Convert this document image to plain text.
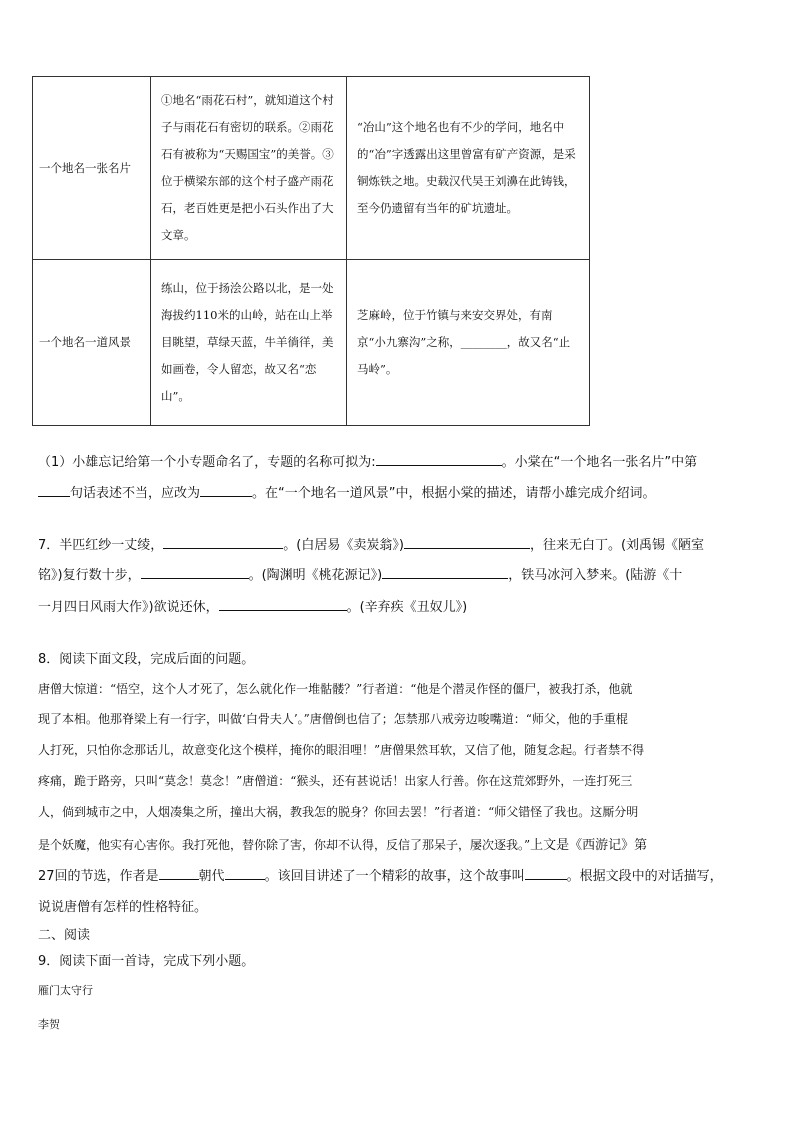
一个地名一张名片	①地名“雨花石村”，就知道这个村子与雨花石有密切的联系。②雨花石有被称为“天赐国宝”的美誉。③位于横梁东部的这个村子盛产雨花石，老百姓更是把小石头作出了大文章。	“冶山”这个地名也有不少的学问，地名中的“冶”字透露出这里曾富有矿产资源，是采铜炼铁之地。史载汉代吴王刘濞在此铸钱，至今仍遗留有当年的矿坑遗址。
一个地名一道风景	练山，位于扬浍公路以北，是一处海拔约110米的山岭，站在山上举目眺望，草绿天蓝，牛羊徜徉，美如画卷，令人留恋，故又名“恋山”。	芝麻岭，位于竹镇与来安交界处，有南京“小九寨沟”之称，________，故又名“止马岭”。
（1）小雄忘记给第一个小专题命名了，专题的名称可拟为:	。小棠在“一个地名一张名片”中第
句话表述不当，应改为	。在“一个地名一道风景”中，根据小棠的描述，请帮小雄完成介绍词。
7．半匹红纱一丈绫，	。(白居易《卖炭翁》)	，往来无白丁。(刘禹锡《陋室
铭》)复行数十步，	。(陶渊明《桃花源记》)	，铁马冰河入梦来。(陆游《十
一月四日风雨大作》)欲说还休，	。(辛弃疾《丑奴儿》)
8．阅读下面文段，完成后面的问题。
唐僧大惊道：“悟空，这个人才死了，怎么就化作一堆骷髅？”行者道：“他是个潜灵作怪的僵尸，被我打杀，他就
现了本相。他那脊梁上有一行字，叫做‘白骨夫人’。”唐僧倒也信了；怎禁那八戒旁边唆嘴道：“师父，他的手重棍
人打死，只怕你念那话儿，故意变化这个模样，掩你的眼泪哩！”唐僧果然耳软，又信了他，随复念起。行者禁不得
疼痛，跪于路旁，只叫“莫念！莫念！”唐僧道：“猴头，还有甚说话！出家人行善。你在这荒郊野外，一连打死三
人，倘到城市之中，人烟凑集之所，撞出大祸，教我怎的脱身？你回去罢！”行者道：“师父错怪了我也。这厮分明
是个妖魔，他实有心害你。我打死他，替你除了害，你却不认得，反信了那呆子，屡次逐我。”上文是《西游记》第
27回的节选，作者是	朝代	。该回目讲述了一个精彩的故事，这个故事叫	。根据文段中的对话描写，
说说唐僧有怎样的性格特征。
二、阅读
9．阅读下面一首诗，完成下列小题。
雁门太守行
李贺
